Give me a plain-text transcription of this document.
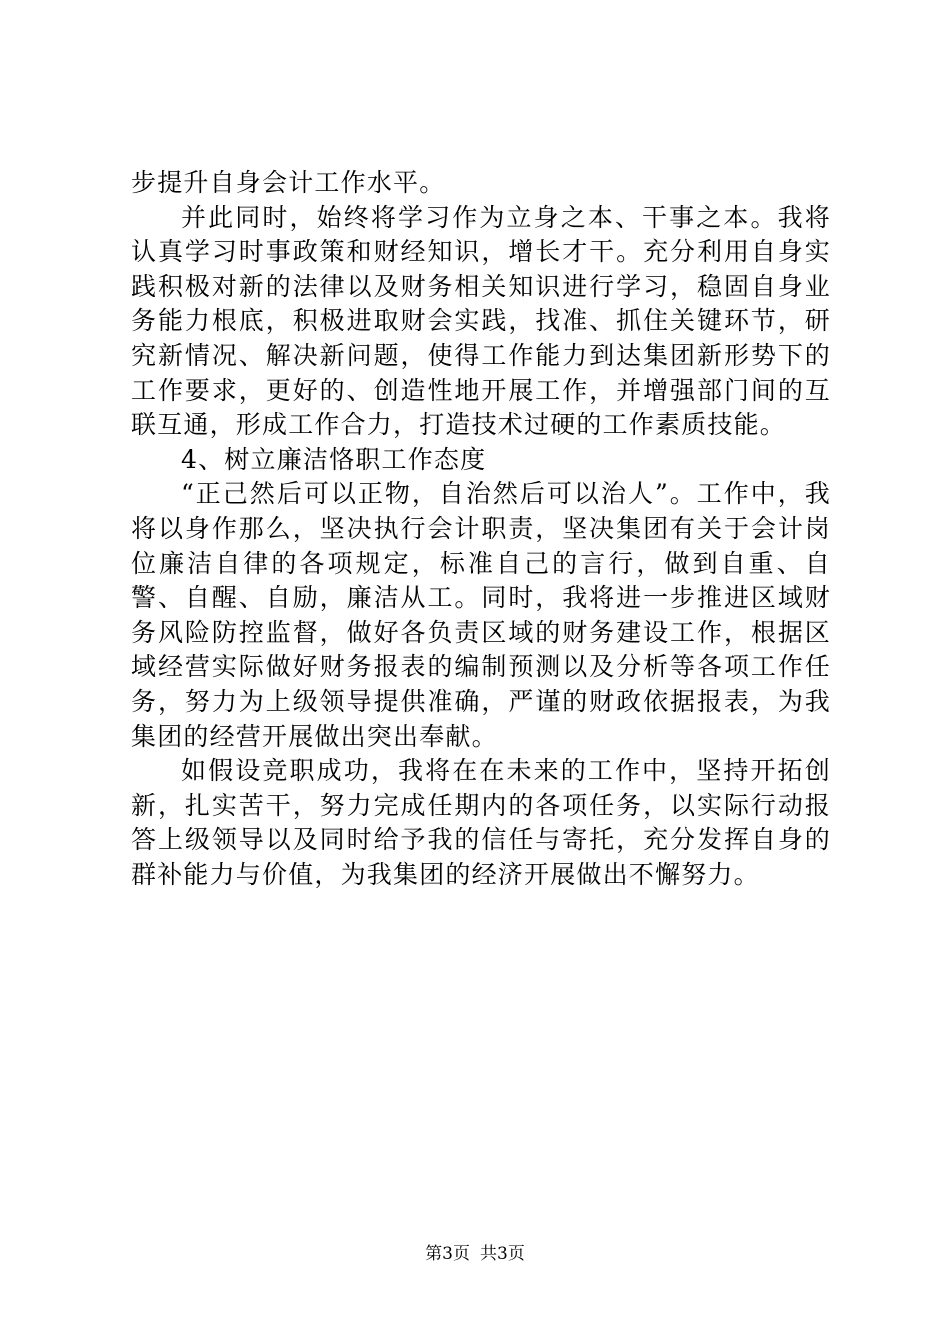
步提升自身会计工作水平。

并此同时，始终将学习作为立身之本、干事之本。我将认真学习时事政策和财经知识，增长才干。充分利用自身实践积极对新的法律以及财务相关知识进行学习，稳固自身业务能力根底，积极进取财会实践，找准、抓住关键环节，研究新情况、解决新问题，使得工作能力到达集团新形势下的工作要求，更好的、创造性地开展工作，并增强部门间的互联互通，形成工作合力，打造技术过硬的工作素质技能。

4、树立廉洁恪职工作态度

“正己然后可以正物，自治然后可以治人”。工作中，我将以身作那么，坚决执行会计职责，坚决集团有关于会计岗位廉洁自律的各项规定，标准自己的言行，做到自重、自警、自醒、自励，廉洁从工。同时，我将进一步推进区域财务风险防控监督，做好各负责区域的财务建设工作，根据区域经营实际做好财务报表的编制预测以及分析等各项工作任务，努力为上级领导提供准确，严谨的财政依据报表，为我集团的经营开展做出突出奉献。

如假设竞职成功，我将在在未来的工作中，坚持开拓创新，扎实苦干，努力完成任期内的各项任务，以实际行动报答上级领导以及同时给予我的信任与寄托，充分发挥自身的群补能力与价值，为我集团的经济开展做出不懈努力。

第3页 共3页
